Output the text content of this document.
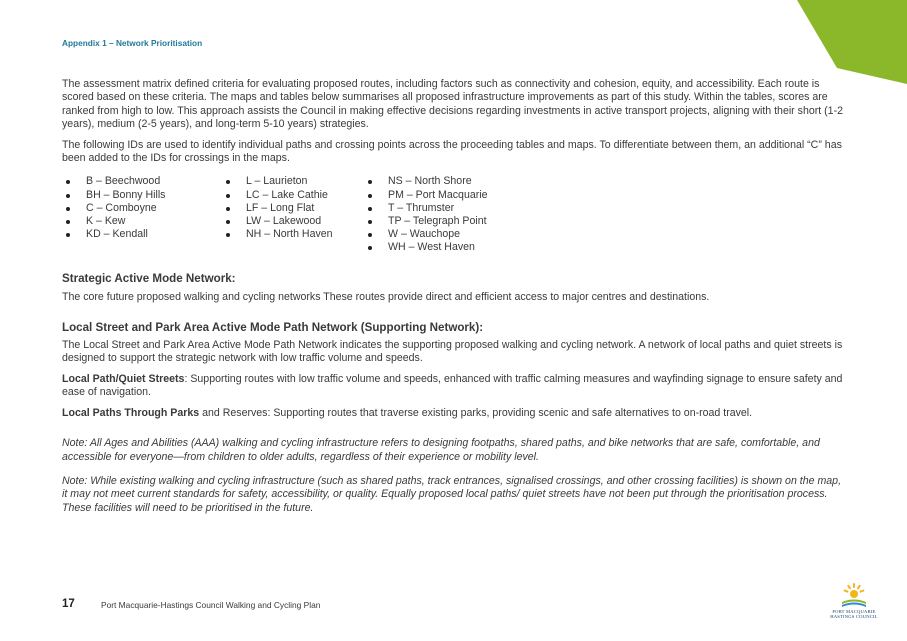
Appendix 1 – Network Prioritisation

The assessment matrix defined criteria for evaluating proposed routes, including factors such as connectivity and cohesion, equity, and accessibility. Each route is scored based on these criteria. The maps and tables below summarises all proposed infrastructure improvements as part of this study. Within the tables, scores are ranked from high to low. This approach assists the Council in making effective decisions regarding investments in active transport projects, aligning with their short (1-2 years), medium (2-5 years), and long-term 5-10 years) strategies.

The following IDs are used to identify individual paths and crossing points across the proceeding tables and maps. To differentiate between them, an additional “C” has been added to the IDs for crossings in the maps.

B – Beechwood
BH – Bonny Hills
C – Comboyne
K – Kew
KD – Kendall
L – Laurieton
LC – Lake Cathie
LF – Long Flat
LW – Lakewood
NH – North Haven
NS – North Shore
PM – Port Macquarie
T – Thrumster
TP – Telegraph Point
W – Wauchope
WH – West Haven
Strategic Active Mode Network:

The core future proposed walking and cycling networks These routes provide direct and efficient access to major centres and destinations.

Local Street and Park Area Active Mode Path Network (Supporting Network):

The Local Street and Park Area Active Mode Path Network indicates the supporting proposed walking and cycling network. A network of local paths and quiet streets is designed to support the strategic network with low traffic volume and speeds.

Local Path/Quiet Streets: Supporting routes with low traffic volume and speeds, enhanced with traffic calming measures and wayfinding signage to ensure safety and ease of navigation.

Local Paths Through Parks and Reserves: Supporting routes that traverse existing parks, providing scenic and safe alternatives to on-road travel.

Note: All Ages and Abilities (AAA) walking and cycling infrastructure refers to designing footpaths, shared paths, and bike networks that are safe, comfortable, and accessible for everyone—from children to older adults, regardless of their experience or mobility level.

Note: While existing walking and cycling infrastructure (such as shared paths, track entrances, signalised crossings, and other crossing facilities) is shown on the map, it may not meet current standards for safety, accessibility, or quality. Equally proposed local paths/ quiet streets have not been put through the prioritisation process. These facilities will need to be prioritised in the future.

17	Port Macquarie-Hastings Council Walking and Cycling Plan
PORT MACQUARIE
HASTINGS COUNCIL
